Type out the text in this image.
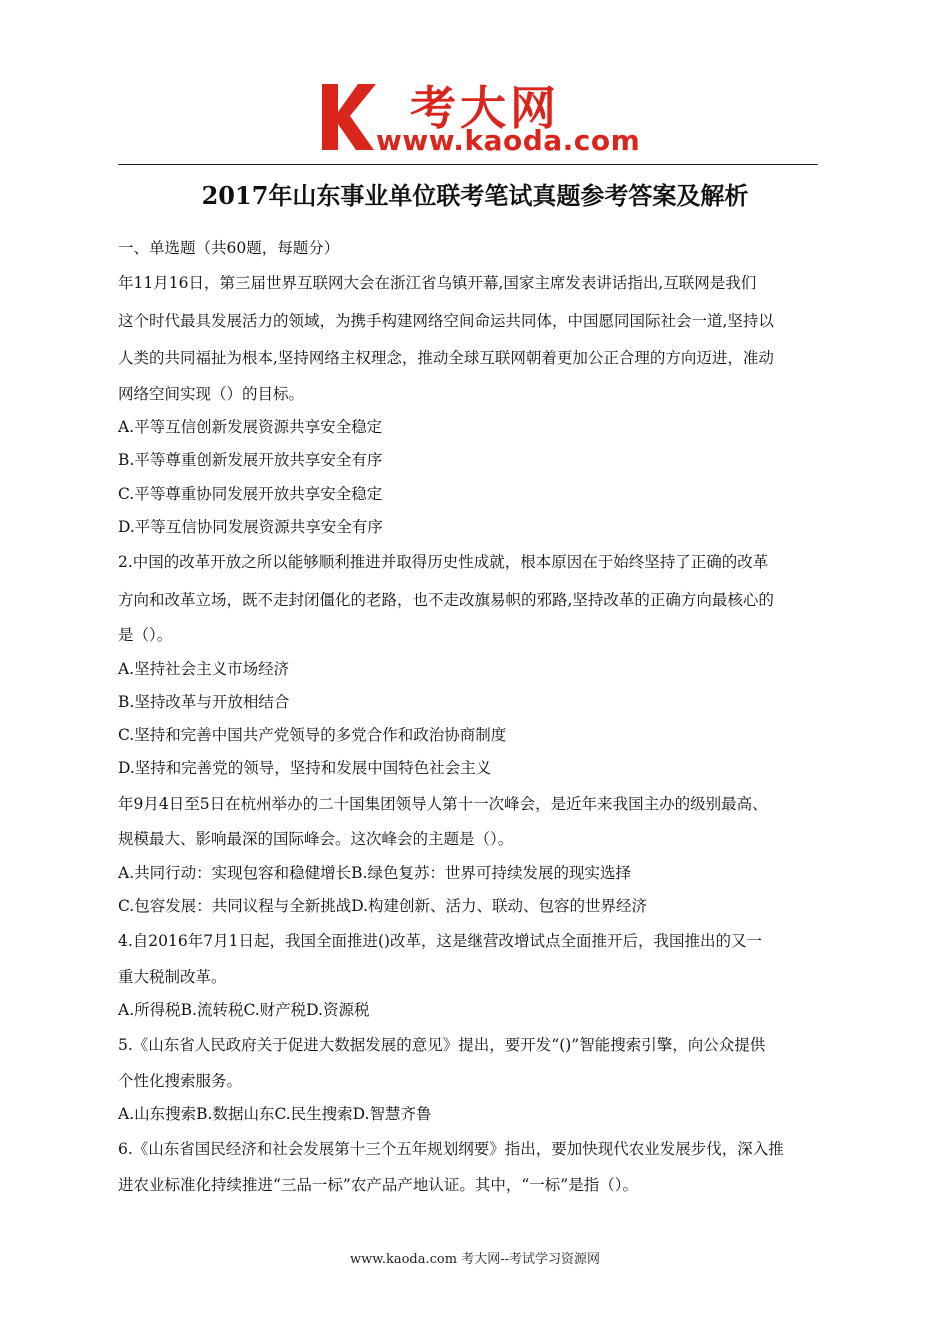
考大网
www.kaoda.com
2017年山东事业单位联考笔试真题参考答案及解析
一、单选题（共60题，每题分）
年11月16日，第三届世界互联网大会在浙江省乌镇开幕,国家主席发表讲话指出,互联网是我们
这个时代最具发展活力的领域，为携手构建网络空间命运共同体，中国愿同国际社会一道,坚持以
人类的共同福扯为根本,坚持网络主权理念，推动全球互联网朝着更加公正合理的方向迈进，准动
网络空间实现（）的目标。
A.平等互信创新发展资源共享安全稳定
B.平等尊重创新发展开放共享安全有序
C.平等尊重协同发展开放共享安全稳定
D.平等互信协同发展资源共享安全有序
2.中国的改革开放之所以能够顺利推进并取得历史性成就，根本原因在于始终坚持了正确的改革
方向和改革立场，既不走封闭僵化的老路，也不走改旗易帜的邪路,坚持改革的正确方向最核心的
是（）。
A.坚持社会主义市场经济
B.坚持改革与开放相结合
C.坚持和完善中国共产党领导的多党合作和政治协商制度
D.坚持和完善党的领导，坚持和发展中国特色社会主义
年9月4日至5日在杭州举办的二十国集团领导人第十一次峰会，是近年来我国主办的级别最高、
规模最大、影响最深的国际峰会。这次峰会的主题是（）。
A.共同行动：实现包容和稳健增长B.绿色复苏：世界可持续发展的现实选择
C.包容发展：共同议程与全新挑战D.构建创新、活力、联动、包容的世界经济
4.自2016年7月1日起，我国全面推进()改革，这是继营改增试点全面推开后，我国推出的又一
重大税制改革。
A.所得税B.流转税C.财产税D.资源税
5.《山东省人民政府关于促进大数据发展的意见》提出，要开发“()”智能搜索引擎，向公众提供
个性化搜索服务。
A.山东搜索B.数据山东C.民生搜索D.智慧齐鲁
6.《山东省国民经济和社会发展第十三个五年规划纲要》指出，要加快现代农业发展步伐，深入推
进农业标准化持续推进“三品一标”农产品产地认证。其中，“一标”是指（）。
www.kaoda.com 考大网--考试学习资源网
